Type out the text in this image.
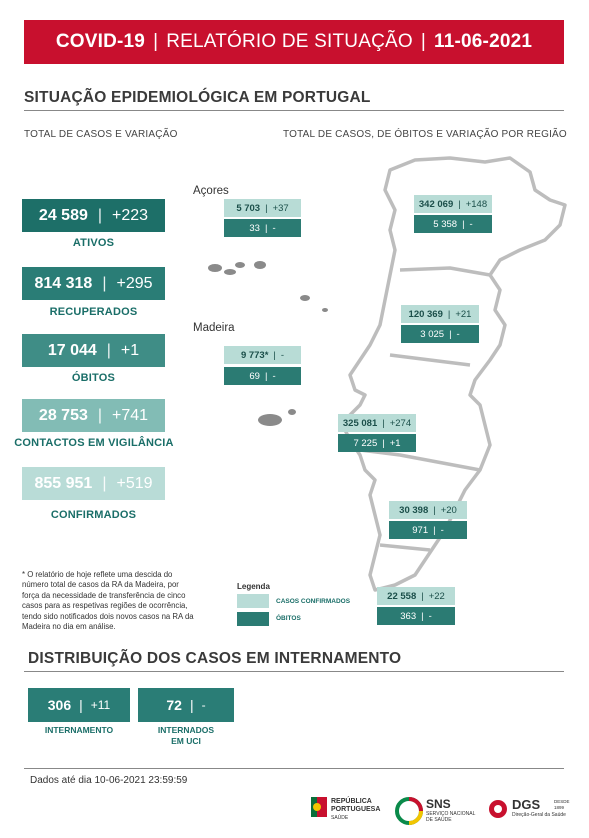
COVID-19 | RELATÓRIO DE SITUAÇÃO | 11-06-2021
SITUAÇÃO EPIDEMIOLÓGICA EM PORTUGAL
TOTAL DE CASOS E VARIAÇÃO	TOTAL DE CASOS, DE ÓBITOS E VARIAÇÃO POR REGIÃO
24 589 | +223
ATIVOS
814 318 | +295
RECUPERADOS
17 044 | +1
ÓBITOS
28 753 | +741
CONTACTOS EM VIGILÂNCIA
855 951 | +519
CONFIRMADOS
Açores
5 703 | +37
33 | -
Madeira
9 773* | -
69 | -
342 069 | +148
5 358 | -
120 369 | +21
3 025 | -
325 081 | +274
7 225 | +1
30 398 | +20
971 | -
22 558 | +22
363 | -
* O relatório de hoje reflete uma descida do número total de casos da RA da Madeira, por força da necessidade de transferência de cinco casos para as respetivas regiões de ocorrência, tendo sido notificados dois novos casos na RA da Madeira no dia em análise.
Legenda
CASOS CONFIRMADOS
ÓBITOS
DISTRIBUIÇÃO DOS CASOS EM INTERNAMENTO
306 | +11
INTERNAMENTO
72 | -
INTERNADOS
EM UCI
Dados até dia 10-06-2021 23:59:59
REPÚBLICA
PORTUGUESA
SAÚDE
SNS
SERVIÇO NACIONAL
DE SAÚDE
DGS
Direção-Geral da Saúde
DESDE
1899
